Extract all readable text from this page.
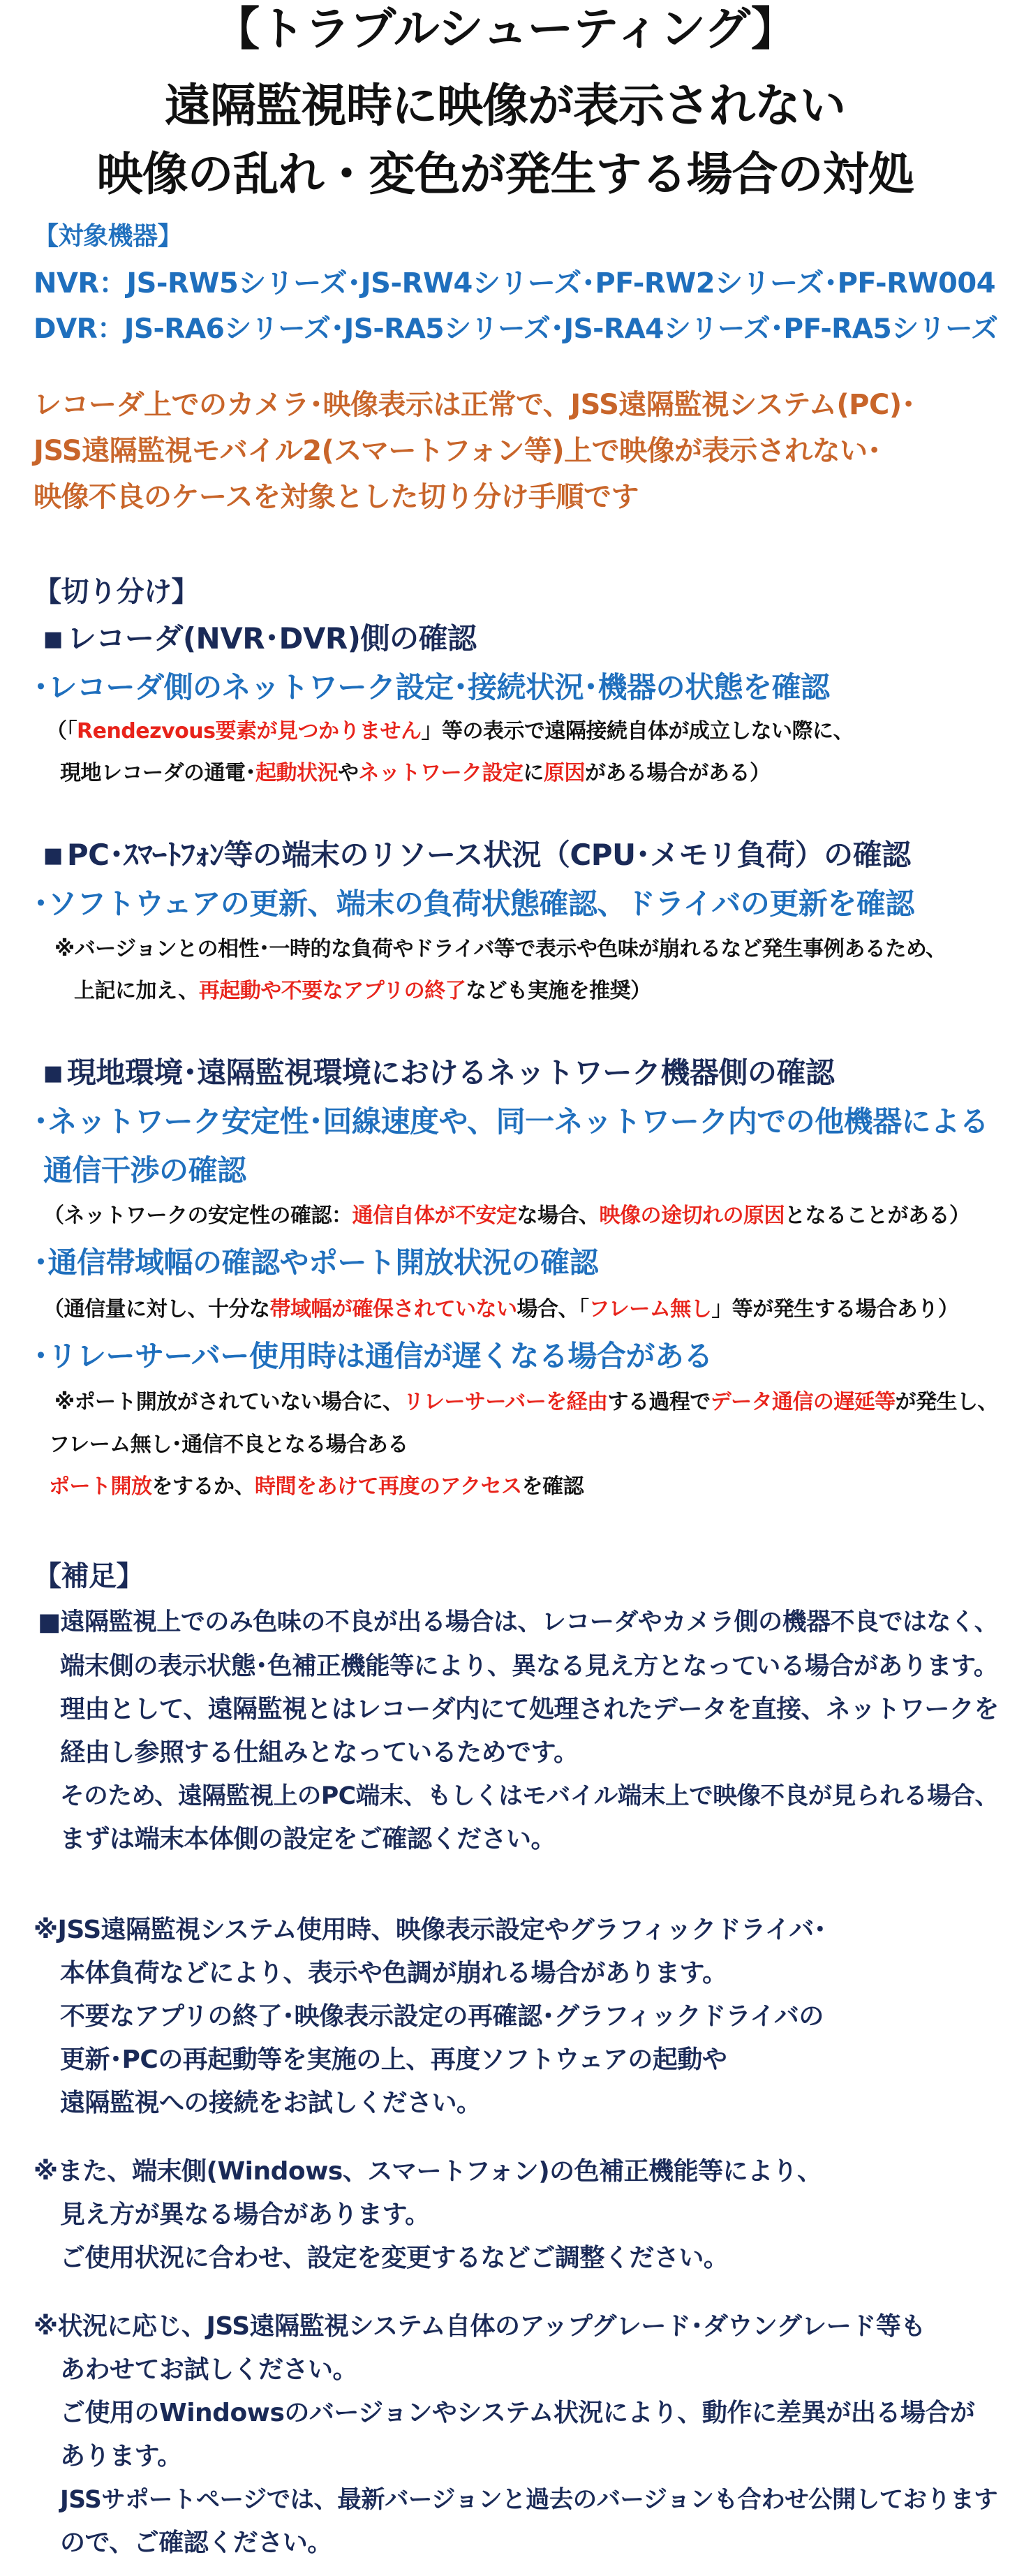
【トラブルシューティング】
遠隔監視時に映像が表示されない
映像の乱れ・変色が発生する場合の対処
【対象機器】
NVR：JS-RW5シリーズ･JS-RW4シリーズ･PF-RW2シリーズ･PF-RW004
DVR：JS-RA6シリーズ･JS-RA5シリーズ･JS-RA4シリーズ･PF-RA5シリーズ
レコーダ上でのカメラ･映像表示は正常で、JSS遠隔監視システム(PC)･
JSS遠隔監視モバイル2(スマートフォン等)上で映像が表示されない･
映像不良のケースを対象とした切り分け手順です
【切り分け】
■ レコーダ(NVR･DVR)側の確認
･レコーダ側のネットワーク設定･接続状況･機器の状態を確認
（「Rendezvous要素が見つかりません」等の表示で遠隔接続自体が成立しない際に、
現地レコーダの通電･起動状況やネットワーク設定に原因がある場合がある）
■ PC･ｽﾏｰﾄﾌｫﾝ等の端末のリソース状況（CPU･メモリ負荷）の確認
･ソフトウェアの更新、端末の負荷状態確認、ドライバの更新を確認
※バージョンとの相性･一時的な負荷やドライバ等で表示や色味が崩れるなど発生事例あるため、
上記に加え、再起動や不要なアプリの終了なども実施を推奨）
■ 現地環境･遠隔監視環境におけるネットワーク機器側の確認
･ネットワーク安定性･回線速度や、同一ネットワーク内での他機器による
通信干渉の確認
（ネットワークの安定性の確認：通信自体が不安定な場合、映像の途切れの原因となることがある）
･通信帯域幅の確認やポート開放状況の確認
（通信量に対し、十分な帯域幅が確保されていない場合、「フレーム無し」等が発生する場合あり）
･リレーサーバー使用時は通信が遅くなる場合がある
※ポート開放がされていない場合に、リレーサーバーを経由する過程でデータ通信の遅延等が発生し、
フレーム無し･通信不良となる場合ある
ポート開放をするか、時間をあけて再度のアクセスを確認
【補足】
■遠隔監視上でのみ色味の不良が出る場合は、レコーダやカメラ側の機器不良ではなく、
端末側の表示状態･色補正機能等により、異なる見え方となっている場合があります。
理由として、遠隔監視とはレコーダ内にて処理されたデータを直接、ネットワークを
経由し参照する仕組みとなっているためです。
そのため、遠隔監視上のPC端末、もしくはモバイル端末上で映像不良が見られる場合、
まずは端末本体側の設定をご確認ください。
※JSS遠隔監視システム使用時、映像表示設定やグラフィックドライバ･
本体負荷などにより、表示や色調が崩れる場合があります。
不要なアプリの終了･映像表示設定の再確認･グラフィックドライバの
更新･PCの再起動等を実施の上、再度ソフトウェアの起動や
遠隔監視への接続をお試しください。
※また、端末側(Windows、スマートフォン)の色補正機能等により、
見え方が異なる場合があります。
ご使用状況に合わせ、設定を変更するなどご調整ください。
※状況に応じ、JSS遠隔監視システム自体のアップグレード･ダウングレード等も
あわせてお試しください。
ご使用のWindowsのバージョンやシステム状況により、動作に差異が出る場合が
あります。
JSSサポートページでは、最新バージョンと過去のバージョンも合わせ公開しております
ので、ご確認ください。
